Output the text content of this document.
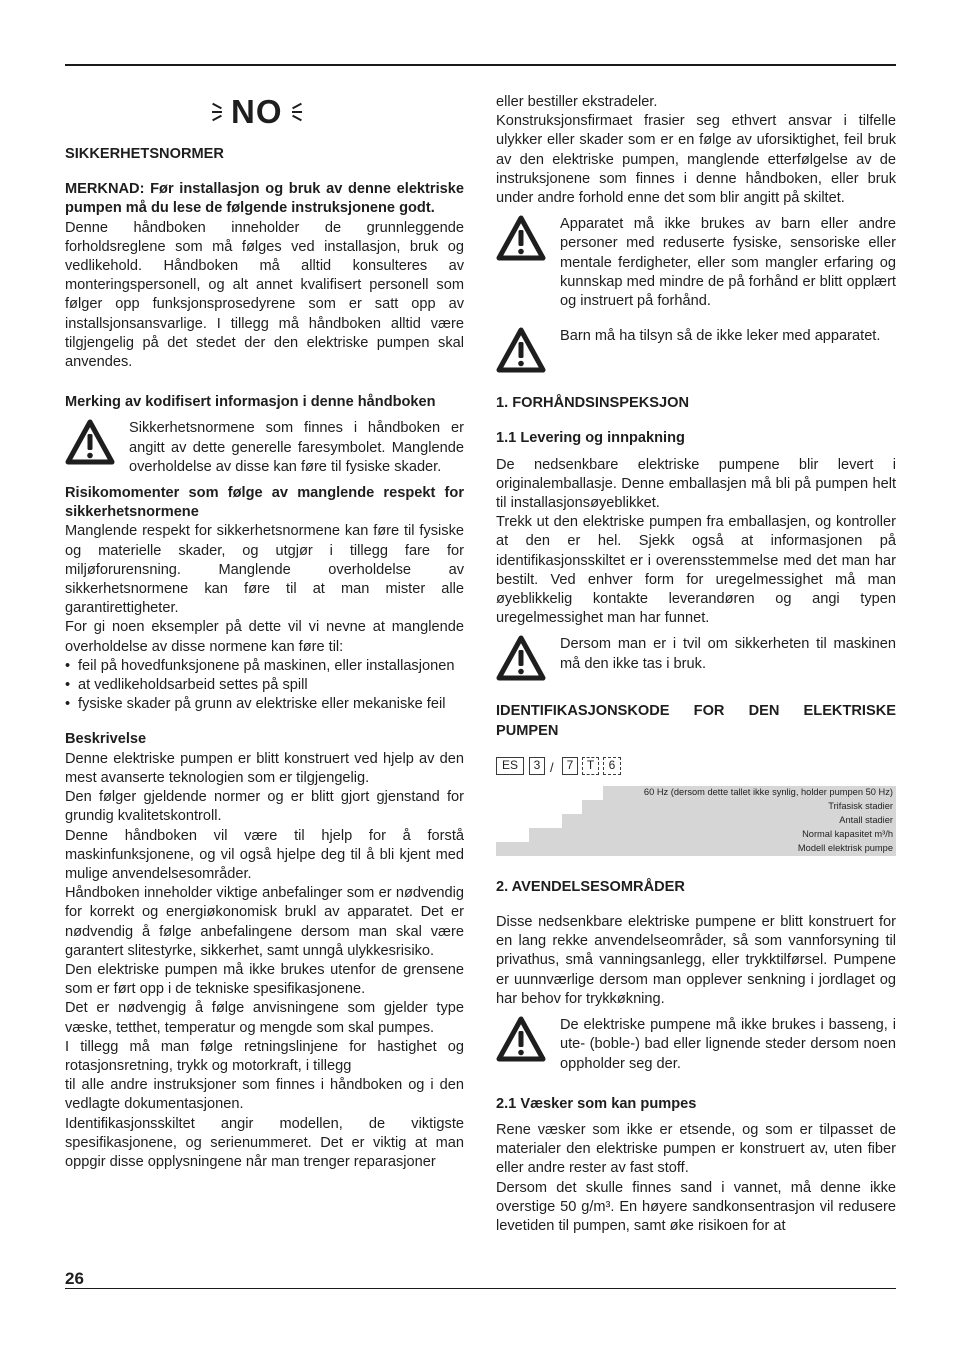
NO
SIKKERHETSNORMER

MERKNAD: Før installasjon og bruk av denne elektriske pumpen må du lese de følgende instruksjonene godt.

Denne håndboken inneholder de grunnleggende forholdsreglene som må følges ved installasjon, bruk og vedlikehold. Håndboken må alltid konsulteres av monteringspersonell, og alt annet kvalifisert personell som følger opp funksjonsprosedyrene som er satt opp av installsjonsansvarlige. I tillegg må håndboken alltid være tilgjengelig på det stedet der den elektriske pumpen skal anvendes.

Merking av kodifisert informasjon i denne håndboken

Sikkerhetsnormene som finnes i håndboken er angitt av dette generelle faresymbolet. Manglende overholdelse av disse kan føre til fysiske skader.

Risikomomenter som følge av manglende respekt for sikkerhetsnormene

Manglende respekt for sikkerhetsnormene kan føre til fysiske og materielle skader, og utgjør i tillegg fare for miljøforurensning. Manglende overholdelse av sikkerhetsnormene kan føre til at man mister alle garantirettigheter.

For gi noen eksempler på dette vil vi nevne at manglende overholdelse av disse normene kan føre til:

• feil på hovedfunksjonene på maskinen, eller installasjonen
• at vedlikeholdsarbeid settes på spill
• fysiske skader på grunn av elektriske eller mekaniske feil

Beskrivelse

Denne elektriske pumpen er blitt konstruert ved hjelp av den mest avanserte teknologien som er tilgjengelig.

Den følger gjeldende normer og er blitt gjort gjenstand for grundig kvalitetskontroll.

Denne håndboken vil være til hjelp for å forstå maskinfunksjonene, og vil også hjelpe deg til å bli kjent med mulige anvendelsesområder.

Håndboken inneholder viktige anbefalinger som er nødvendig for korrekt og energiøkonomisk brukl av apparatet. Det er nødvendig å følge anbefalingene dersom man skal være garantert slitestyrke, sikkerhet, samt unngå ulykkesrisiko.

Den elektriske pumpen må ikke brukes utenfor de grensene som er ført opp i de tekniske spesifikasjonene.

Det er nødvengig å følge anvisningene som gjelder type væske, tetthet, temperatur og mengde som skal pumpes.

I tillegg må man følge retningslinjene for hastighet og rotasjonsretning, trykk og motorkraft, i tillegg

til alle andre instruksjoner som finnes i håndboken og i den vedlagte dokumentasjonen.

Identifikasjonsskiltet angir modellen, de viktigste spesifikasjonene, og serienummeret. Det er viktig at man oppgir disse opplysningene når man trenger reparasjoner

eller bestiller ekstradeler.

Konstruksjonsfirmaet frasier seg ethvert ansvar i tilfelle ulykker eller skader som er en følge av uforsiktighet, feil bruk av den elektriske pumpen, manglende etterfølgelse av de instruksjonene som finnes i denne håndboken, eller bruk under andre forhold enne det som blir angitt på skiltet.

Apparatet må ikke brukes av barn eller andre personer med reduserte fysiske, sensoriske eller mentale ferdigheter, eller som mangler erfaring og kunnskap med mindre de på forhånd er blitt opplært og instruert på forhånd.

Barn må ha tilsyn så de ikke leker med apparatet.

1. FORHÅNDSINSPEKSJON
1.1 Levering og innpakning

De nedsenkbare elektriske pumpene blir levert i originalemballasje. Denne emballasjen må bli på pumpen helt til installasjonsøyeblikket.

Trekk ut den elektriske pumpen fra emballasjen, og kontroller at den er hel. Sjekk også at informasjonen på identifikasjonsskiltet er i overensstemmelse med det man har bestilt. Ved enhver form for uregelmessighet må man øyeblikkelig kontakte leverandøren og angi typen uregelmessighet man har funnet.

Dersom man er i tvil om sikkerheten til maskinen må den ikke tas i bruk.

IDENTIFIKASJONSKODE FOR DEN ELEKTRISKE PUMPEN

Modell elektrisk pumpe
Normal kapasitet m³/h
Antall stadier
Trifasisk stadier
60 Hz (dersom dette tallet ikke synlig, holder pumpen 50 Hz)
ES	3 /	7	T	6
2. AVENDELSESOMRÅDER

Disse nedsenkbare elektriske pumpene er blitt konstruert for en lang rekke anvendelseområder, så som vannforsyning til privathus, små vanningsanlegg, eller trykktilførsel. Pumpene er uunnværlige dersom man opplever senkning i jordlaget og har behov for trykkøkning.

De elektriske pumpene må ikke brukes i basseng, i ute- (boble-) bad eller lignende steder dersom noen oppholder seg der.

2.1 Væsker som kan pumpes

Rene væsker som ikke er etsende, og som er tilpasset de materialer den elektriske pumpen er konstruert av, uten fiber eller andre rester av fast stoff.

Dersom det skulle finnes sand i vannet, må denne ikke overstige 50 g/m³. En høyere sandkonsentrasjon vil redusere levetiden til pumpen, samt øke risikoen for at

26
